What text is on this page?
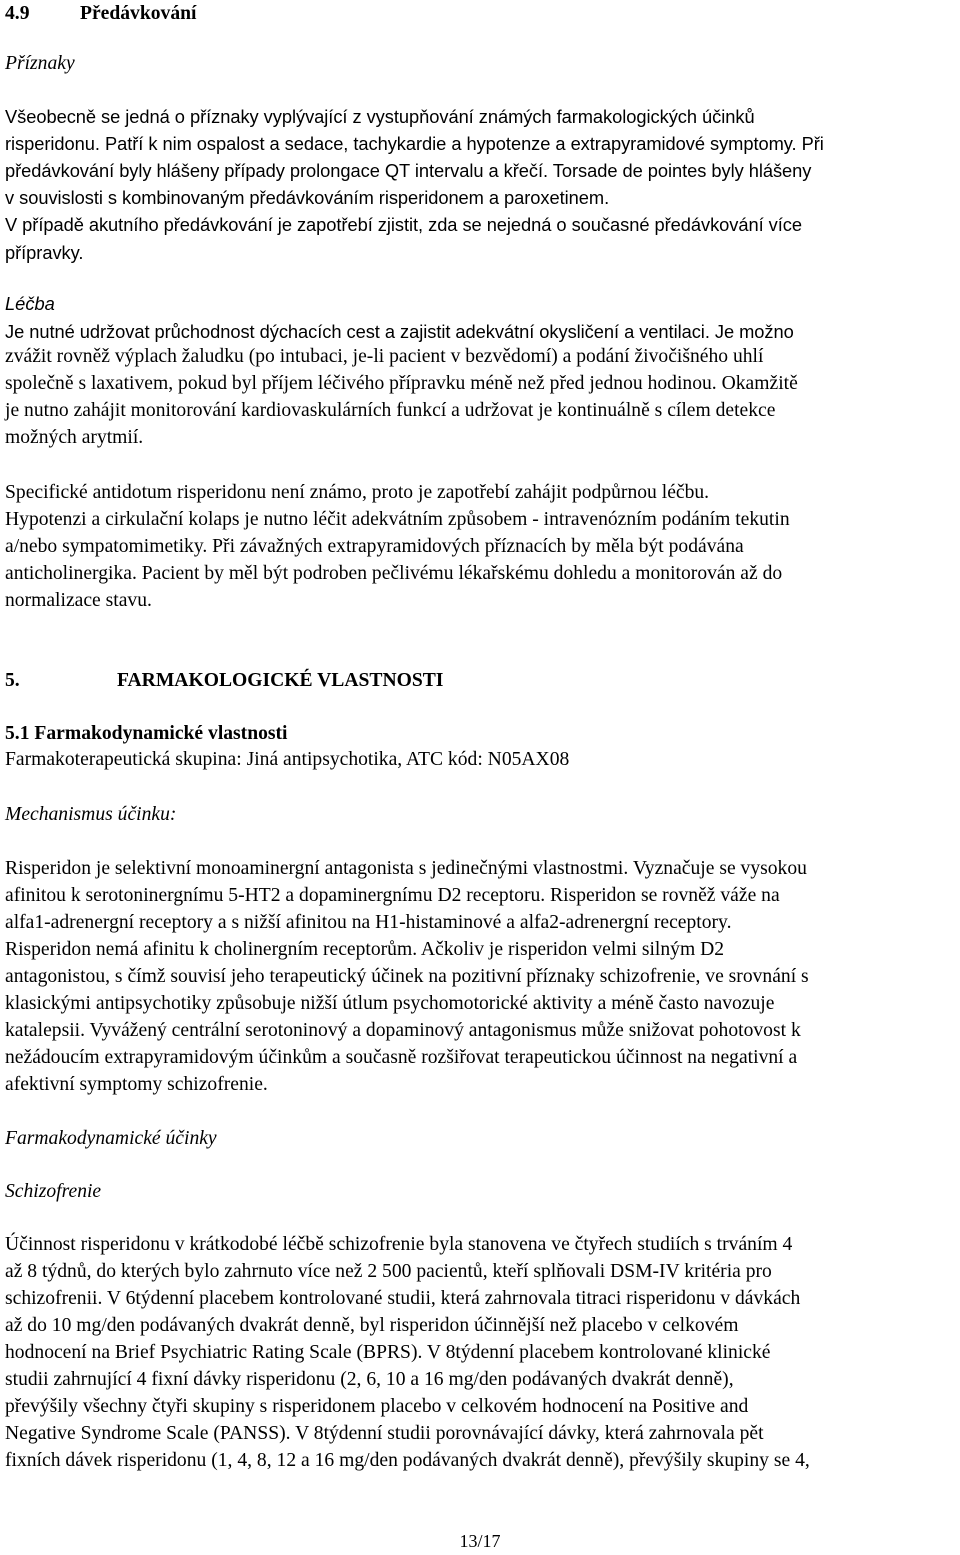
4.9	Předávkování

Příznaky

Všeobecně se jedná o příznaky vyplývající z vystupňování známých farmakologických účinků

risperidonu. Patří k nim ospalost a sedace, tachykardie a hypotenze a extrapyramidové symptomy. Při

předávkování byly hlášeny případy prolongace QT intervalu a křečí. Torsade de pointes byly hlášeny

v souvislosti s kombinovaným předávkováním risperidonem a paroxetinem.

V případě akutního předávkování je zapotřebí zjistit, zda se nejedná o současné předávkování více

přípravky.

Léčba

Je nutné udržovat průchodnost dýchacích cest a zajistit adekvátní okysličení a ventilaci. Je možno

zvážit rovněž výplach žaludku (po intubaci, je-li pacient v bezvědomí) a podání živočišného uhlí

společně s laxativem, pokud byl příjem léčivého přípravku méně než před jednou hodinou. Okamžitě

je nutno zahájit monitorování kardiovaskulárních funkcí a udržovat je kontinuálně s cílem detekce

možných arytmií.

Specifické antidotum risperidonu není známo, proto je zapotřebí zahájit podpůrnou léčbu.

Hypotenzi a cirkulační kolaps je nutno léčit adekvátním způsobem - intravenózním podáním tekutin

a/nebo sympatomimetiky. Při závažných extrapyramidových příznacích by měla být podávána

anticholinergika. Pacient by měl být podroben pečlivému lékařskému dohledu a monitorován až do

normalizace stavu.

5.	FARMAKOLOGICKÉ VLASTNOSTI

5.1 Farmakodynamické vlastnosti

Farmakoterapeutická skupina: Jiná antipsychotika, ATC kód: N05AX08

Mechanismus účinku:

Risperidon je selektivní monoaminergní antagonista s jedinečnými vlastnostmi. Vyznačuje se vysokou

afinitou k serotoninergnímu 5-HT2 a dopaminergnímu D2 receptoru. Risperidon se rovněž váže na

alfa1-adrenergní receptory a s nižší afinitou na H1-histaminové a alfa2-adrenergní receptory.

Risperidon nemá afinitu k cholinergním receptorům. Ačkoliv je risperidon velmi silným D2

antagonistou, s čímž souvisí jeho terapeutický účinek na pozitivní příznaky schizofrenie, ve srovnání s

klasickými antipsychotiky způsobuje nižší útlum psychomotorické aktivity a méně často navozuje

katalepsii. Vyvážený centrální serotoninový a dopaminový antagonismus může snižovat pohotovost k

nežádoucím extrapyramidovým účinkům a současně rozšiřovat terapeutickou účinnost na negativní a

afektivní symptomy schizofrenie.

Farmakodynamické účinky

Schizofrenie

Účinnost risperidonu v krátkodobé léčbě schizofrenie byla stanovena ve čtyřech studiích s trváním 4

až 8 týdnů, do kterých bylo zahrnuto více než 2 500 pacientů, kteří splňovali DSM-IV kritéria pro

schizofrenii. V 6týdenní placebem kontrolované studii, která zahrnovala titraci risperidonu v dávkách

až do 10 mg/den podávaných dvakrát denně, byl risperidon účinnější než placebo v celkovém

hodnocení na Brief Psychiatric Rating Scale (BPRS). V 8týdenní placebem kontrolované klinické

studii zahrnující 4 fixní dávky risperidonu (2, 6, 10 a 16 mg/den podávaných dvakrát denně),

převýšily všechny čtyři skupiny s risperidonem placebo v celkovém hodnocení na Positive and

Negative Syndrome Scale (PANSS). V 8týdenní studii porovnávající dávky, která zahrnovala pět

fixních dávek risperidonu (1, 4, 8, 12 a 16 mg/den podávaných dvakrát denně), převýšily skupiny se 4,

13/17
